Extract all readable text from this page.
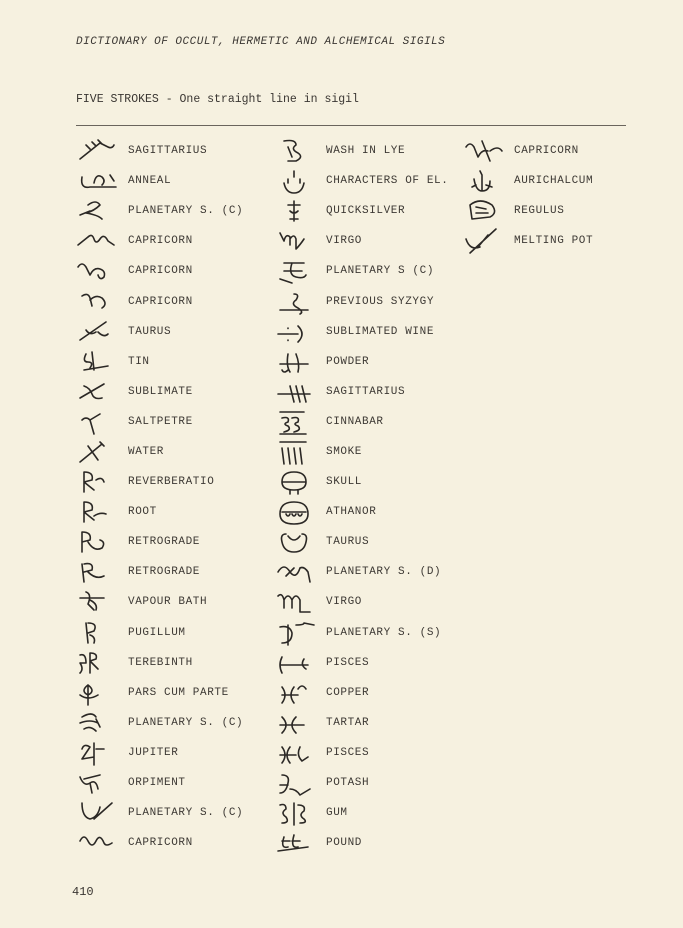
DICTIONARY OF OCCULT, HERMETIC AND ALCHEMICAL SIGILS
FIVE STROKES - One straight line in sigil
SAGITTARIUS
ANNEAL
PLANETARY S. (C)
CAPRICORN
CAPRICORN
CAPRICORN
TAURUS
TIN
SUBLIMATE
SALTPETRE
WATER
REVERBERATIO
ROOT
RETROGRADE
RETROGRADE
VAPOUR BATH
PUGILLUM
TEREBINTH
PARS CUM PARTE
PLANETARY S. (C)
JUPITER
ORPIMENT
PLANETARY S. (C)
CAPRICORN
WASH IN LYE
CHARACTERS OF EL.
QUICKSILVER
VIRGO
PLANETARY S (C)
PREVIOUS SYZYGY
SUBLIMATED WINE
POWDER
SAGITTARIUS
CINNABAR
SMOKE
SKULL
ATHANOR
TAURUS
PLANETARY S. (D)
VIRGO
PLANETARY S. (S)
PISCES
COPPER
TARTAR
PISCES
POTASH
GUM
POUND
CAPRICORN
AURICHALCUM
REGULUS
MELTING POT
410
